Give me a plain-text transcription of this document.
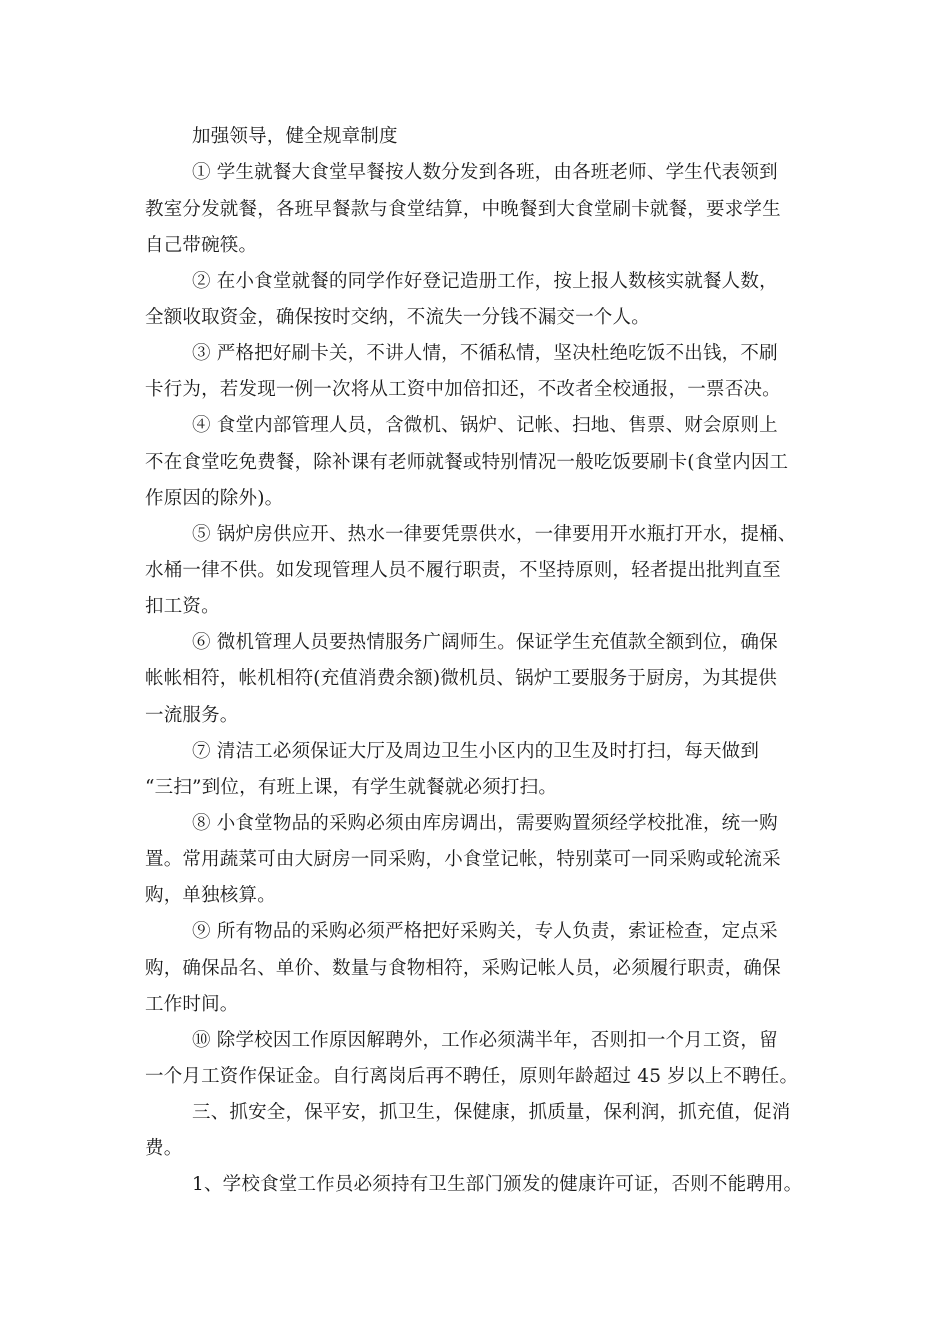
加强领导，健全规章制度
① 学生就餐大食堂早餐按人数分发到各班，由各班老师、学生代表领到
教室分发就餐，各班早餐款与食堂结算，中晚餐到大食堂刷卡就餐，要求学生
自己带碗筷。
② 在小食堂就餐的同学作好登记造册工作，按上报人数核实就餐人数，
全额收取资金，确保按时交纳，不流失一分钱不漏交一个人。
③ 严格把好刷卡关，不讲人情，不循私情，坚决杜绝吃饭不出钱，不刷
卡行为，若发现一例一次将从工资中加倍扣还，不改者全校通报，一票否决。
④ 食堂内部管理人员，含微机、锅炉、记帐、扫地、售票、财会原则上
不在食堂吃免费餐，除补课有老师就餐或特别情况一般吃饭要刷卡(食堂内因工
作原因的除外)。
⑤ 锅炉房供应开、热水一律要凭票供水，一律要用开水瓶打开水，提桶、
水桶一律不供。如发现管理人员不履行职责，不坚持原则，轻者提出批判直至
扣工资。
⑥ 微机管理人员要热情服务广阔师生。保证学生充值款全额到位，确保
帐帐相符，帐机相符(充值消费余额)微机员、锅炉工要服务于厨房，为其提供
一流服务。
⑦ 清洁工必须保证大厅及周边卫生小区内的卫生及时打扫，每天做到
“三扫”到位，有班上课，有学生就餐就必须打扫。
⑧ 小食堂物品的采购必须由库房调出，需要购置须经学校批准，统一购
置。常用蔬菜可由大厨房一同采购，小食堂记帐，特别菜可一同采购或轮流采
购，单独核算。
⑨ 所有物品的采购必须严格把好采购关，专人负责，索证检查，定点采
购，确保品名、单价、数量与食物相符，采购记帐人员，必须履行职责，确保
工作时间。
⑩ 除学校因工作原因解聘外，工作必须满半年，否则扣一个月工资，留
一个月工资作保证金。自行离岗后再不聘任，原则年龄超过 45 岁以上不聘任。
三、抓安全，保平安，抓卫生，保健康，抓质量，保利润，抓充值，促消
费。
1、学校食堂工作员必须持有卫生部门颁发的健康许可证，否则不能聘用。
